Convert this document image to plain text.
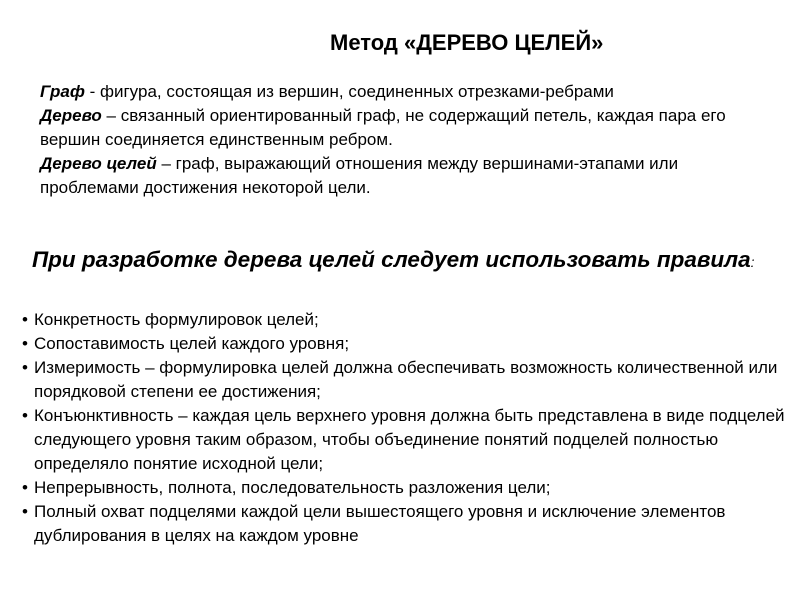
Метод «ДЕРЕВО ЦЕЛЕЙ»

Граф - фигура, состоящая из вершин, соединенных отрезками-ребрами

Дерево – связанный ориентированный граф, не содержащий петель, каждая пара его вершин соединяется единственным ребром.

Дерево целей – граф, выражающий отношения между вершинами-этапами или проблемами достижения некоторой цели.

При разработке дерева целей следует использовать правила:
• Конкретность формулировок целей;
• Сопоставимость целей каждого уровня;
• Измеримость – формулировка целей должна обеспечивать возможность количественной или порядковой степени ее достижения;
• Конъюнктивность – каждая цель верхнего уровня должна быть представлена в виде подцелей следующего уровня таким образом, чтобы объединение понятий подцелей полностью определяло понятие исходной цели;
• Непрерывность, полнота, последовательность разложения цели;
• Полный охват подцелями каждой цели вышестоящего уровня и исключение элементов дублирования в целях на каждом уровне
